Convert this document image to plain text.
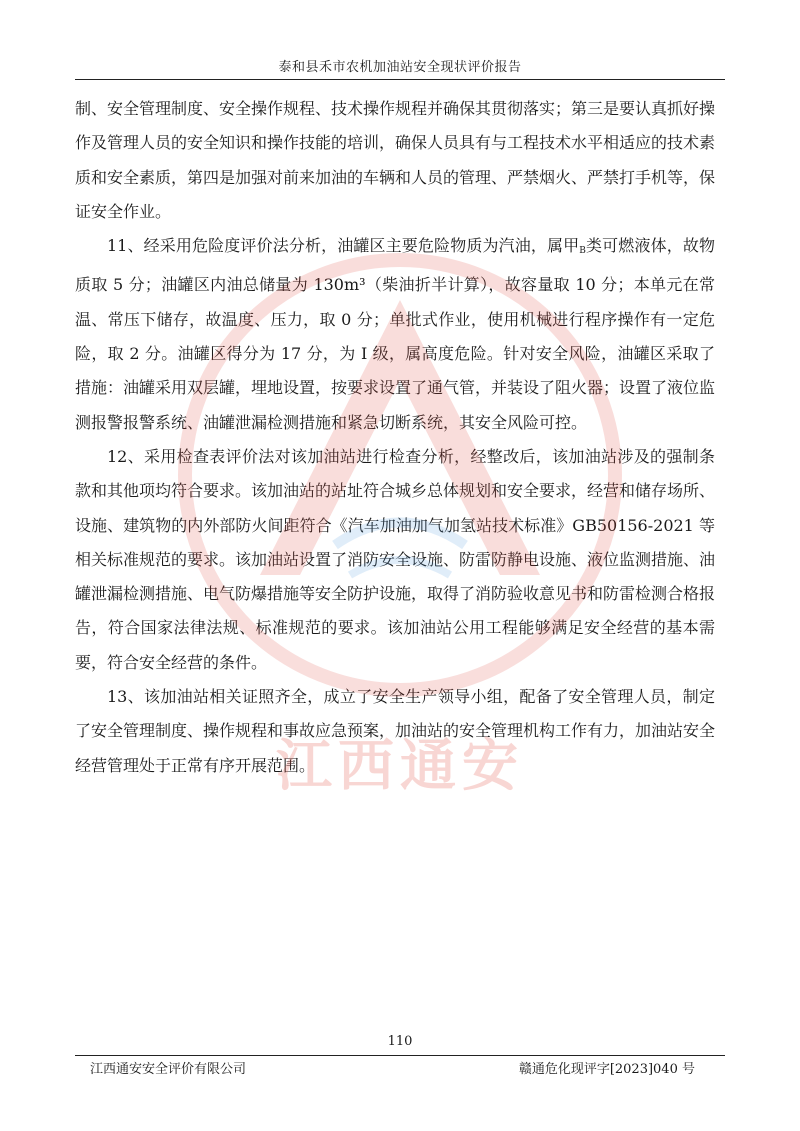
泰和县禾市农机加油站安全现状评价报告

制、安全管理制度、安全操作规程、技术操作规程并确保其贯彻落实；第三是要认真抓好操作及管理人员的安全知识和操作技能的培训，确保人员具有与工程技术水平相适应的技术素质和安全素质，第四是加强对前来加油的车辆和人员的管理、严禁烟火、严禁打手机等，保证安全作业。

11、经采用危险度评价法分析，油罐区主要危险物质为汽油，属甲$_B$类可燃液体，故物质取 5 分；油罐区内油总储量为 130m³（柴油折半计算），故容量取 10 分；本单元在常温、常压下储存，故温度、压力，取 0 分；单批式作业，使用机械进行程序操作有一定危险，取 2 分。油罐区得分为 17 分，为 I 级，属高度危险。针对安全风险，油罐区采取了措施：油罐采用双层罐，埋地设置，按要求设置了通气管，并装设了阻火器；设置了液位监测报警报警系统、油罐泄漏检测措施和紧急切断系统，其安全风险可控。

12、采用检查表评价法对该加油站进行检查分析，经整改后，该加油站涉及的强制条款和其他项均符合要求。该加油站的站址符合城乡总体规划和安全要求，经营和储存场所、设施、建筑物的内外部防火间距符合《汽车加油加气加氢站技术标准》GB50156-2021 等相关标准规范的要求。该加油站设置了消防安全设施、防雷防静电设施、液位监测措施、油罐泄漏检测措施、电气防爆措施等安全防护设施，取得了消防验收意见书和防雷检测合格报告，符合国家法律法规、标准规范的要求。该加油站公用工程能够满足安全经营的基本需要，符合安全经营的条件。

13、该加油站相关证照齐全，成立了安全生产领导小组，配备了安全管理人员，制定了安全管理制度、操作规程和事故应急预案，加油站的安全管理机构工作有力，加油站安全经营管理处于正常有序开展范围。

江西通安
110
江西通安安全评价有限公司	赣通危化现评字[2023]040 号
